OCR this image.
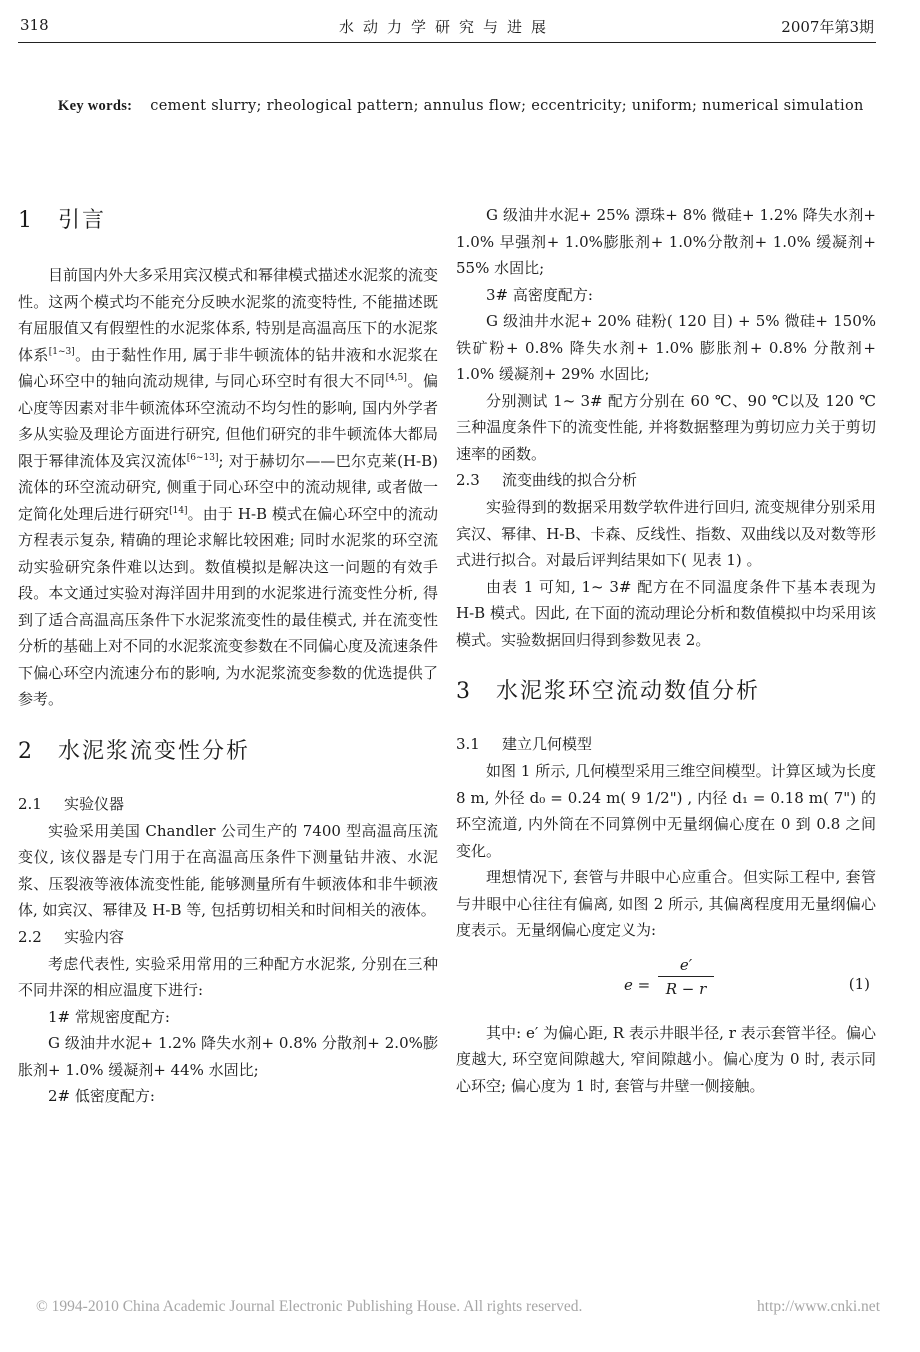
318	水动力学研究与进展	2007年第3期
Key words: cement slurry; rheological pattern; annulus flow; eccentricity; uniform; numerical simulation
1 引言

目前国内外大多采用宾汉模式和幂律模式描述水泥浆的流变性。这两个模式均不能充分反映水泥浆的流变特性, 不能描述既有屈服值又有假塑性的水泥浆体系, 特别是高温高压下的水泥浆体系[1~3]。由于黏性作用, 属于非牛顿流体的钻井液和水泥浆在偏心环空中的轴向流动规律, 与同心环空时有很大不同[4,5]。偏心度等因素对非牛顿流体环空流动不均匀性的影响, 国内外学者多从实验及理论方面进行研究, 但他们研究的非牛顿流体大都局限于幂律流体及宾汉流体[6~13]; 对于赫切尔——巴尔克莱(H-B) 流体的环空流动研究, 侧重于同心环空中的流动规律, 或者做一定简化处理后进行研究[14]。由于 H-B 模式在偏心环空中的流动方程表示复杂, 精确的理论求解比较困难; 同时水泥浆的环空流动实验研究条件难以达到。数值模拟是解决这一问题的有效手段。本文通过实验对海洋固井用到的水泥浆进行流变性分析, 得到了适合高温高压条件下水泥浆流变性的最佳模式, 并在流变性分析的基础上对不同的水泥浆流变参数在不同偏心度及流速条件下偏心环空内流速分布的影响, 为水泥浆流变参数的优选提供了参考。

2 水泥浆流变性分析
2.1 实验仪器

实验采用美国 Chandler 公司生产的 7400 型高温高压流变仪, 该仪器是专门用于在高温高压条件下测量钻井液、水泥浆、压裂液等液体流变性能, 能够测量所有牛顿液体和非牛顿液体, 如宾汉、幂律及 H-B 等, 包括剪切相关和时间相关的液体。

2.2 实验内容

考虑代表性, 实验采用常用的三种配方水泥浆, 分别在三种不同井深的相应温度下进行:

1# 常规密度配方:

G 级油井水泥+ 1.2% 降失水剂+ 0.8% 分散剂+ 2.0%膨胀剂+ 1.0% 缓凝剂+ 44% 水固比;

2# 低密度配方:

G 级油井水泥+ 25% 漂珠+ 8% 微硅+ 1.2% 降失水剂+ 1.0% 早强剂+ 1.0%膨胀剂+ 1.0%分散剂+ 1.0% 缓凝剂+ 55% 水固比;

3# 高密度配方:

G 级油井水泥+ 20% 硅粉( 120 目) + 5% 微硅+ 150% 铁矿粉+ 0.8% 降失水剂+ 1.0% 膨胀剂+ 0.8% 分散剂+ 1.0% 缓凝剂+ 29% 水固比;

分别测试 1~ 3# 配方分别在 60 ℃、90 ℃以及 120 ℃三种温度条件下的流变性能, 并将数据整理为剪切应力关于剪切速率的函数。

2.3 流变曲线的拟合分析

实验得到的数据采用数学软件进行回归, 流变规律分别采用宾汉、幂律、H-B、卡森、反线性、指数、双曲线以及对数等形式进行拟合。对最后评判结果如下( 见表 1) 。

由表 1 可知, 1~ 3# 配方在不同温度条件下基本表现为 H-B 模式。因此, 在下面的流动理论分析和数值模拟中均采用该模式。实验数据回归得到参数见表 2。

3 水泥浆环空流动数值分析
3.1 建立几何模型

如图 1 所示, 几何模型采用三维空间模型。计算区域为长度 8 m, 外径 d₀ = 0.24 m( 9 1/2") , 内径 d₁ = 0.18 m( 7") 的环空流道, 内外筒在不同算例中无量纲偏心度在 0 到 0.8 之间变化。

理想情况下, 套管与井眼中心应重合。但实际工程中, 套管与井眼中心往往有偏离, 如图 2 所示, 其偏离程度用无量纲偏心度表示。无量纲偏心度定义为:

$e = \frac{e'}{R - r}$	(1)

其中: e′ 为偏心距, R 表示井眼半径, r 表示套管半径。偏心度越大, 环空宽间隙越大, 窄间隙越小。偏心度为 0 时, 表示同心环空; 偏心度为 1 时, 套管与井壁一侧接触。

© 1994-2010 China Academic Journal Electronic Publishing House. All rights reserved.	http://www.cnki.net
